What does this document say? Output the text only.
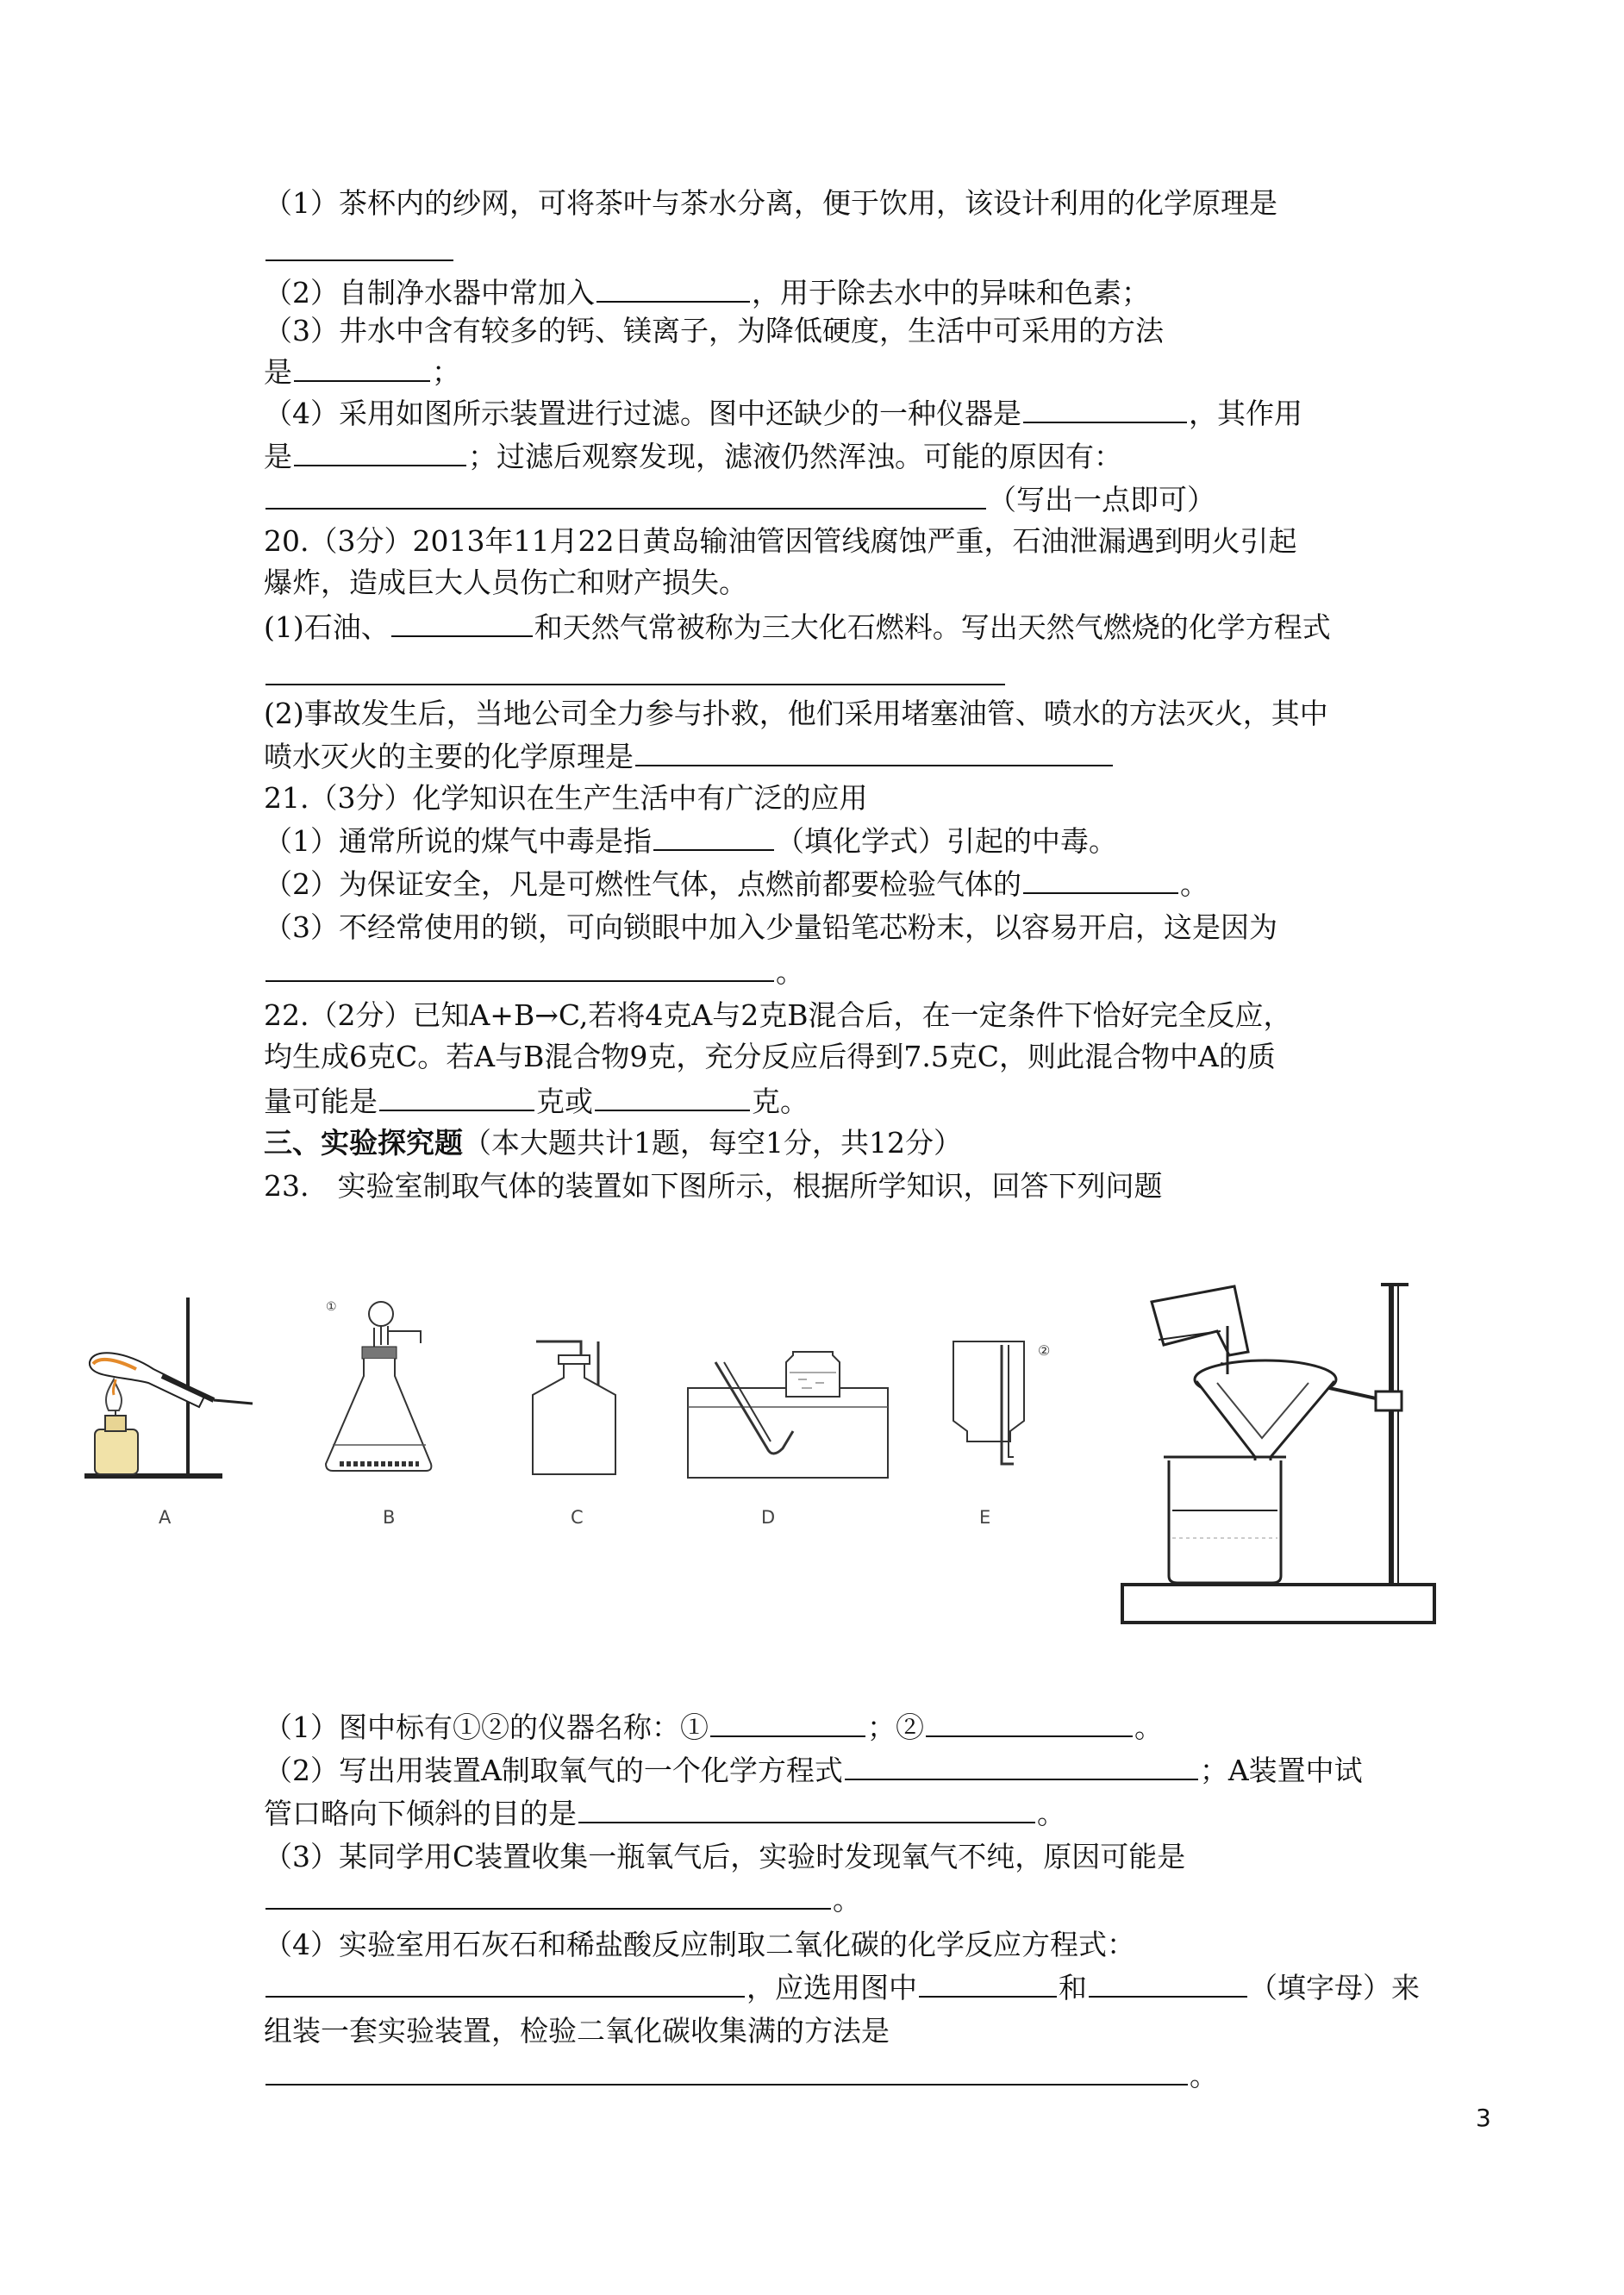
（1）茶杯内的纱网，可将茶叶与茶水分离，便于饮用，该设计利用的化学原理是
（2）自制净水器中常加入	，用于除去水中的异味和色素；
（3）井水中含有较多的钙、镁离子，为降低硬度，生活中可采用的方法
是	；
（4）采用如图所示装置进行过滤。图中还缺少的一种仪器是	，其作用
是	；过滤后观察发现，滤液仍然浑浊。可能的原因有：
（写出一点即可）
20.（3分）2013年11月22日黄岛输油管因管线腐蚀严重，石油泄漏遇到明火引起
爆炸，造成巨大人员伤亡和财产损失。
(1)石油、	和天然气常被称为三大化石燃料。写出天然气燃烧的化学方程式
(2)事故发生后，当地公司全力参与扑救，他们采用堵塞油管、喷水的方法灭火，其中
喷水灭火的主要的化学原理是
21.（3分）化学知识在生产生活中有广泛的应用
（1）通常所说的煤气中毒是指	（填化学式）引起的中毒。
（2）为保证安全，凡是可燃性气体，点燃前都要检验气体的	。
（3）不经常使用的锁，可向锁眼中加入少量铅笔芯粉末，以容易开启，这是因为
。
22.（2分）已知A+B→C,若将4克A与2克B混合后，在一定条件下恰好完全反应，
均生成6克C。若A与B混合物9克，充分反应后得到7.5克C，则此混合物中A的质
量可能是	克或	克。
三、实验探究题（本大题共计1题，每空1分，共12分）
23.　实验室制取气体的装置如下图所示，根据所学知识，回答下列问题
①
②
A	B	C	D	E
（1）图中标有①②的仪器名称：①	；②	。
（2）写出用装置A制取氧气的一个化学方程式	；A装置中试
管口略向下倾斜的目的是	。
（3）某同学用C装置收集一瓶氧气后，实验时发现氧气不纯，原因可能是
。
（4）实验室用石灰石和稀盐酸反应制取二氧化碳的化学反应方程式：
，应选用图中	和	（填字母）来
组装一套实验装置，检验二氧化碳收集满的方法是
。
3
